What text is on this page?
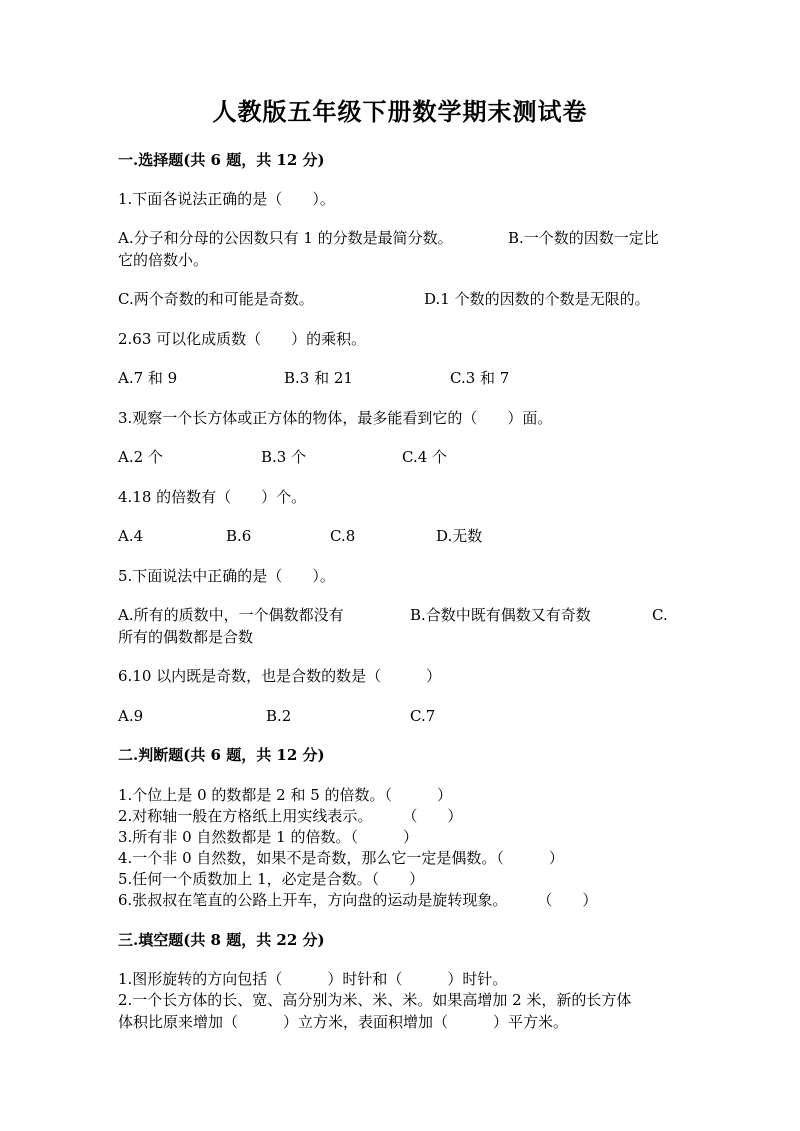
人教版五年级下册数学期末测试卷
一.选择题(共 6 题，共 12 分)
1.下面各说法正确的是（　　）。
A.分子和分母的公因数只有 1 的分数是最简分数。	B.一个数的因数一定比
它的倍数小。
C.两个奇数的和可能是奇数。	D.1 个数的因数的个数是无限的。
2.63 可以化成质数（　　）的乘积。
A.7 和 9	B.3 和 21	C.3 和 7
3.观察一个长方体或正方体的物体，最多能看到它的（　　）面。
A.2 个	B.3 个	C.4 个
4.18 的倍数有（　　）个。
A.4	B.6	C.8	D.无数
5.下面说法中正确的是（　　）。
A.所有的质数中，一个偶数都没有	B.合数中既有偶数又有奇数	C.
所有的偶数都是合数
6.10 以内既是奇数，也是合数的数是（　　　）
A.9	B.2	C.7
二.判断题(共 6 题，共 12 分)
1.个位上是 0 的数都是 2 和 5 的倍数。（　　　）
2.对称轴一般在方格纸上用实线表示。　　　（　　）
3.所有非 0 自然数都是 1 的倍数。（　　　）
4.一个非 0 自然数，如果不是奇数，那么它一定是偶数。（　　　）
5.任何一个质数加上 1，必定是合数。（　　）
6.张叔叔在笔直的公路上开车，方向盘的运动是旋转现象。　　　（　　）
三.填空题(共 8 题，共 22 分)
1.图形旋转的方向包括（　　　）时针和（　　　）时针。
2.一个长方体的长、宽、高分别为米、米、米。如果高增加 2 米，新的长方体
体积比原来增加（　　　）立方米，表面积增加（　　　）平方米。
